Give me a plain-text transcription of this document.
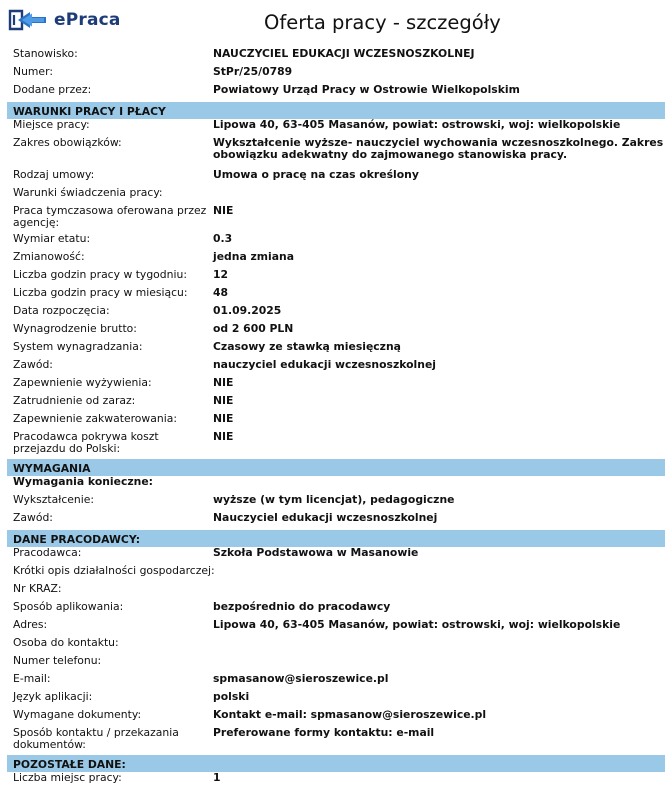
ePraca	Oferta pracy - szczegóły
Stanowisko:	NAUCZYCIEL EDUKACJI WCZESNOSZKOLNEJ
Numer:	StPr/25/0789
Dodane przez:	Powiatowy Urząd Pracy w Ostrowie Wielkopolskim
WARUNKI PRACY I PŁACY	
Miejsce pracy:	Lipowa 40, 63-405 Masanów, powiat: ostrowski, woj: wielkopolskie
Zakres obowiązków:	Wykształcenie wyższe- nauczyciel wychowania wczesnoszkolnego. Zakres obowiązku adekwatny do zajmowanego stanowiska pracy.
Rodzaj umowy:	Umowa o pracę na czas określony
Warunki świadczenia pracy:	
Praca tymczasowa oferowana przez agencję:	NIE
Wymiar etatu:	0.3
Zmianowość:	jedna zmiana
Liczba godzin pracy w tygodniu:	12
Liczba godzin pracy w miesiącu:	48
Data rozpoczęcia:	01.09.2025
Wynagrodzenie brutto:	od 2 600 PLN
System wynagradzania:	Czasowy ze stawką miesięczną
Zawód:	nauczyciel edukacji wczesnoszkolnej
Zapewnienie wyżywienia:	NIE
Zatrudnienie od zaraz:	NIE
Zapewnienie zakwaterowania:	NIE
Pracodawca pokrywa koszt przejazdu do Polski:	NIE
WYMAGANIA	
Wymagania konieczne:	
Wykształcenie:	wyższe (w tym licencjat), pedagogiczne
Zawód:	Nauczyciel edukacji wczesnoszkolnej
DANE PRACODAWCY:	
Pracodawca:	Szkoła Podstawowa w Masanowie
Krótki opis działalności gospodarczej:	
Nr KRAZ:	
Sposób aplikowania:	bezpośrednio do pracodawcy
Adres:	Lipowa 40, 63-405 Masanów, powiat: ostrowski, woj: wielkopolskie
Osoba do kontaktu:	
Numer telefonu:	
E-mail:	spmasanow@sieroszewice.pl
Język aplikacji:	polski
Wymagane dokumenty:	Kontakt e-mail: spmasanow@sieroszewice.pl
Sposób kontaktu / przekazania dokumentów:	Preferowane formy kontaktu: e-mail
POZOSTAŁE DANE:	
Liczba miejsc pracy:	1
